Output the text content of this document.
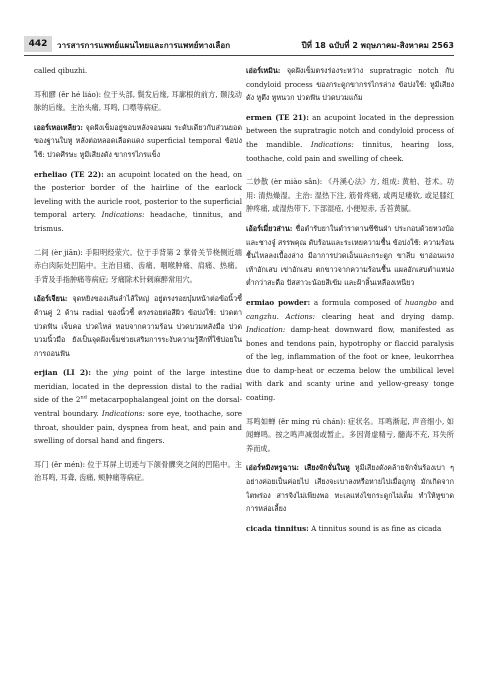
442	วารสารการแพทย์แผนไทยและการแพทย์ทางเลือก	ปีที่ 18 ฉบับที่ 2 พฤษภาคม-สิงหาคม 2563

called qibuzhi.

耳和髎 (ěr hé liáo): 位于头部, 鬓发后缘, 耳廓根的前方, 颞浅动脉的后缘。主治头痛, 耳鸣, 口噤等病症。

เออร์เหอเหลียว: จุดฝังเข็มอยู่ขอบหลังจอนผม ระดับเดียวกับส่วนยอดของฐานใบหู หลังต่อหลอดเลือดแดง superficial temporal ข้อบ่งใช้: ปวดศีรษะ หูมีเสียงดัง ขากรรไกรแข็ง

erheliao (TE 22): an acupoint located on the head, on the posterior border of the hairline of the earlock leveling with the auricle root, posterior to the superficial temporal artery. Indications: headache, tinnitus, and trismus.

二间 (èr jiān): 手阳明经荥穴。位于手背第 2 掌骨关节桡侧近端赤白肉际处凹陷中。主治目痛、齿痛、咽喉肿痛、肩痛、热痛。手背及手指肿痛等病症; 牙痛除术针刺麻醉常用穴。

เอ้อร์เจียน: จุดหยิงของเส้นลำไส้ใหญ่ อยู่ตรงรอยบุ๋มหน้าต่อข้อนิ้วชี้ด้านคู่ 2 ด้าน radial ของนิ้วชี้ ตรงรอยต่อสีผิว ข้อบ่งใช้: ปวดตา ปวดฟัน เจ็บคอ ปวดไหล่ หอบจากความร้อน ปวดบวมหลังมือ ปวดบวมนิ้วมือ ยังเป็นจุดฝังเข็มช่วยเสริมการระงับความรู้สึกที่ใช้บ่อยในการถอนฟัน

erjian (LI 2): the ying point of the large intestine meridian, located in the depression distal to the radial side of the 2nd metacarpophalangeal joint on the dorsal-ventral boundary. Indications: sore eye, toothache, sore throat, shoulder pain, dyspnea from heat, and pain and swelling of dorsal hand and fingers.

耳门 (ěr mén): 位于耳屏上切迹与下颌骨髁突之间的凹陷中。主治耳鸣, 耳聋, 齿痛, 颊肿痛等病症。

เอ่อร์เหมิน: จุดฝังเข็มตรงร่องระหว่าง supratragic notch กับ condyloid process ของกระดูกขากรรไกรล่าง ข้อบ่งใช้: หูมีเสียงดัง หูตึง หูหนวก ปวดฟัน ปวดบวมแก้ม

ermen (TE 21): an acupoint located in the depression between the supratragic notch and condyloid process of the mandible. Indications: tinnitus, hearing loss, toothache, cold pain and swelling of cheek.

二妙散 (èr miào sǎn): 《丹溪心法》方, 组成: 黄柏、苍术。功用: 清热燥湿。主治: 湿热下注, 筋骨疼痛, 或两足痿软, 或足膝红肿疼痛, 或湿热带下, 下部湿疮, 小便短赤, 舌苔黄腻。

เอ้อร์เมี่ยวส่าน: ชื่อตำรับยาในตำราตานซีซินฝ่า ประกอบด้วยหวงป๋อและชางจู๋ สรรพคุณ ดับร้อนและระเหยความชื้น ข้อบ่งใช้: ความร้อนชื้นไหลลงเบื้องล่าง มีอาการปวดเอ็นและกระดูก ขาลีบ ขาอ่อนแรง เท้าอักเสบ เข่าอักเสบ ตกขาวจากความร้อนชื้น แผลอักเสบตำแหน่งต่ำกว่าสะดือ ปัสสาวะน้อยสีเข้ม และฝ้าลิ้นเหลืองเหนียว

ermiao powder: a formula composed of huangbo and cangzhu. Actions: clearing heat and drying damp. Indication: damp-heat downward flow, manifested as bones and tendons pain, hypotrophy or flaccid paralysis of the leg, inflammation of the foot or knee, leukorrhea due to damp-heat or eczema below the umbilical level with dark and scanty urine and yellow-greasy tonge coating.

耳鸣如蝉 (ěr míng rú chán): 症状名。耳鸣渐起, 声音细小, 如闻蝉鸣。按之鸣声减弱或暂止。多因肾虚精亏, 髓海不充, 耳失所养而成。

เอ่อร์หมิงหรูฉาน: เสียงจักจั่นในหู หูมีเสียงดังคล้ายจักจั่นร้องเบา ๆ อย่างค่อยเป็นค่อยไป เสียงจะเบาลงหรือหายไปเมื่อถูกหู มักเกิดจากไตพร่อง สารจิงไม่เพียงพอ ทะเลแห่งไขกระดูกไม่เต็ม ทำให้หูขาดการหล่อเลี้ยง

cicada tinnitus: A tinnitus sound is as fine as cicada
